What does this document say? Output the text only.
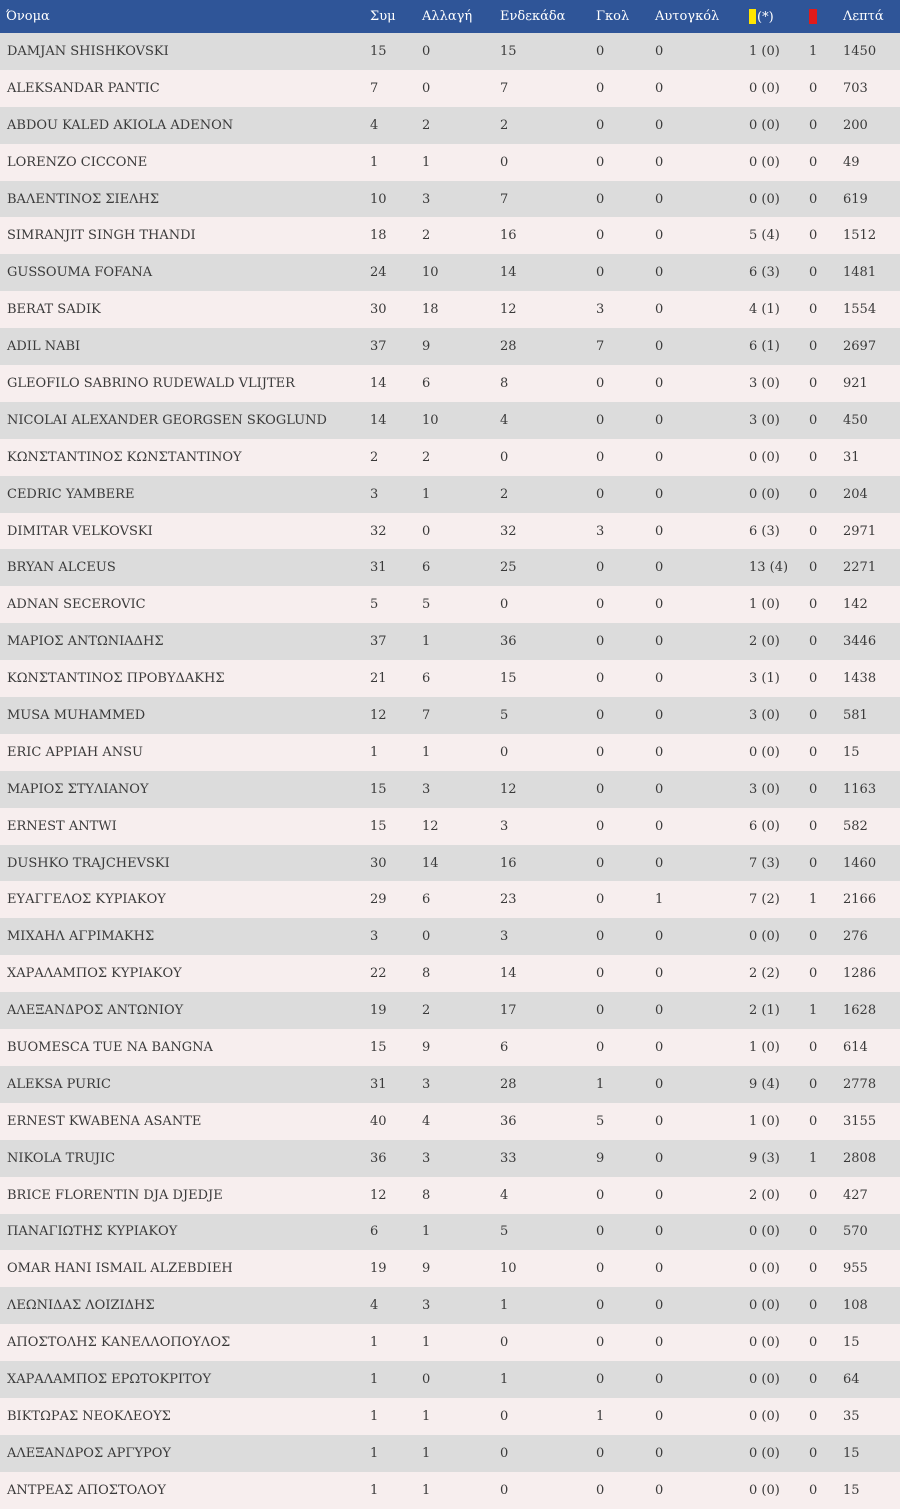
Όνομα	Συμ	Αλλαγή	Ενδεκάδα	Γκολ	Αυτογκόλ	(*)		Λεπτά
DAMJAN SHISHKOVSKI	15	0	15	0	0	1 (0)	1	1450
ALEKSANDAR PANTIC	7	0	7	0	0	0 (0)	0	703
ABDOU KALED AKIOLA ADENON	4	2	2	0	0	0 (0)	0	200
LORENZO CICCONE	1	1	0	0	0	0 (0)	0	49
ΒΑΛΕΝΤΙΝΟΣ ΣΙΕΛΗΣ	10	3	7	0	0	0 (0)	0	619
SIMRANJIT SINGH THANDI	18	2	16	0	0	5 (4)	0	1512
GUSSOUMA FOFANA	24	10	14	0	0	6 (3)	0	1481
BERAT SADIK	30	18	12	3	0	4 (1)	0	1554
ADIL NABI	37	9	28	7	0	6 (1)	0	2697
GLEOFILO SABRINO RUDEWALD VLIJTER	14	6	8	0	0	3 (0)	0	921
NICOLAI ALEXANDER GEORGSEN SKOGLUND	14	10	4	0	0	3 (0)	0	450
ΚΩΝΣΤΑΝΤΙΝΟΣ ΚΩΝΣΤΑΝΤΙΝΟΥ	2	2	0	0	0	0 (0)	0	31
CEDRIC YAMBERE	3	1	2	0	0	0 (0)	0	204
DIMITAR VELKOVSKI	32	0	32	3	0	6 (3)	0	2971
BRYAN ALCEUS	31	6	25	0	0	13 (4)	0	2271
ADNAN SECEROVIC	5	5	0	0	0	1 (0)	0	142
ΜΑΡΙΟΣ ΑΝΤΩΝΙΑΔΗΣ	37	1	36	0	0	2 (0)	0	3446
ΚΩΝΣΤΑΝΤΙΝΟΣ ΠΡΟΒΥΔΑΚΗΣ	21	6	15	0	0	3 (1)	0	1438
MUSA MUHAMMED	12	7	5	0	0	3 (0)	0	581
ERIC APPIAH ANSU	1	1	0	0	0	0 (0)	0	15
ΜΑΡΙΟΣ ΣΤΥΛΙΑΝΟΥ	15	3	12	0	0	3 (0)	0	1163
ERNEST ANTWI	15	12	3	0	0	6 (0)	0	582
DUSHKO TRAJCHEVSKI	30	14	16	0	0	7 (3)	0	1460
ΕΥΑΓΓΕΛΟΣ ΚΥΡΙΑΚΟΥ	29	6	23	0	1	7 (2)	1	2166
ΜΙΧΑΗΛ ΑΓΡΙΜΑΚΗΣ	3	0	3	0	0	0 (0)	0	276
ΧΑΡΑΛΑΜΠΟΣ ΚΥΡΙΑΚΟΥ	22	8	14	0	0	2 (2)	0	1286
ΑΛΕΞΑΝΔΡΟΣ ΑΝΤΩΝΙΟΥ	19	2	17	0	0	2 (1)	1	1628
BUOMESCA TUE NA BANGNA	15	9	6	0	0	1 (0)	0	614
ALEKSA PURIC	31	3	28	1	0	9 (4)	0	2778
ERNEST KWABENA ASANTE	40	4	36	5	0	1 (0)	0	3155
NIKOLA TRUJIC	36	3	33	9	0	9 (3)	1	2808
BRICE FLORENTIN DJA DJEDJE	12	8	4	0	0	2 (0)	0	427
ΠΑΝΑΓΙΩΤΗΣ ΚΥΡΙΑΚΟΥ	6	1	5	0	0	0 (0)	0	570
OMAR HANI ISMAIL ALZEBDIEH	19	9	10	0	0	0 (0)	0	955
ΛΕΩΝΙΔΑΣ ΛΟΙΖΙΔΗΣ	4	3	1	0	0	0 (0)	0	108
ΑΠΟΣΤΟΛΗΣ ΚΑΝΕΛΛΟΠΟΥΛΟΣ	1	1	0	0	0	0 (0)	0	15
ΧΑΡΑΛΑΜΠΟΣ ΕΡΩΤΟΚΡΙΤΟΥ	1	0	1	0	0	0 (0)	0	64
ΒΙΚΤΩΡΑΣ ΝΕΟΚΛΕΟΥΣ	1	1	0	1	0	0 (0)	0	35
ΑΛΕΞΑΝΔΡΟΣ ΑΡΓΥΡΟΥ	1	1	0	0	0	0 (0)	0	15
ΑΝΤΡΕΑΣ ΑΠΟΣΤΟΛΟΥ	1	1	0	0	0	0 (0)	0	15
